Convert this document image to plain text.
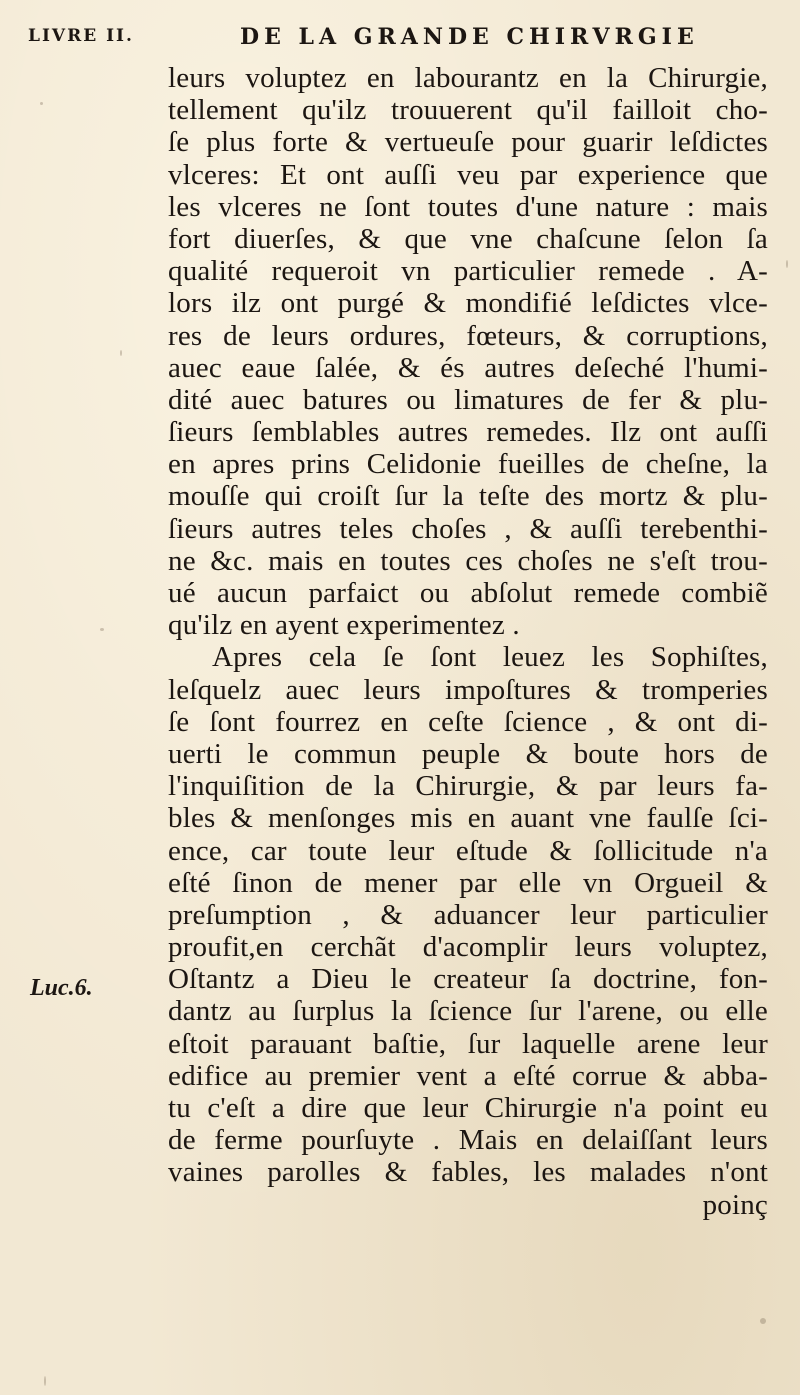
LIVRE II.	DE LA GRANDE CHIRVRGIE
Luc.6.
leurs voluptez en labourantz en la Chirurgie,
tellement qu'ilz trouuerent qu'il failloit cho-
ſe plus forte & vertueuſe pour guarir leſdictes
vlceres: Et ont auſſi veu par experience que
les vlceres ne ſont toutes d'une nature : mais
fort diuerſes, & que vne chaſcune ſelon ſa
qualité requeroit vn particulier remede . A-
lors ilz ont purgé & mondifié leſdictes vlce-
res de leurs ordures, fœteurs, & corruptions,
auec eaue ſalée, & és autres deſeché l'humi-
dité auec batures ou limatures de fer & plu-
ſieurs ſemblables autres remedes. Ilz ont auſſi
en apres prins Celidonie fueilles de cheſne, la
mouſſe qui croiſt ſur la teſte des mortz & plu-
ſieurs autres teles choſes , & auſſi terebenthi-
ne &c. mais en toutes ces choſes ne s'eſt trou-
ué aucun parfaict ou abſolut remede combiẽ
qu'ilz en ayent experimentez .
Apres cela ſe ſont leuez les Sophiſtes,
leſquelz auec leurs impoſtures & tromperies
ſe ſont fourrez en ceſte ſcience , & ont di-
uerti le commun peuple & boute hors de
l'inquiſition de la Chirurgie, & par leurs fa-
bles & menſonges mis en auant vne faulſe ſci-
ence, car toute leur eſtude & ſollicitude n'a
eſté ſinon de mener par elle vn Orgueil &
preſumption , & aduancer leur particulier
proufit,en cerchãt d'acomplir leurs voluptez,
Oſtantz a Dieu le createur ſa doctrine, fon-
dantz au ſurplus la ſcience ſur l'arene, ou elle
eſtoit parauant baſtie, ſur laquelle arene leur
edifice au premier vent a eſté corrue & abba-
tu c'eſt a dire que leur Chirurgie n'a point eu
de ferme pourſuyte . Mais en delaiſſant leurs
vaines parolles & fables, les malades n'ont
poinç
